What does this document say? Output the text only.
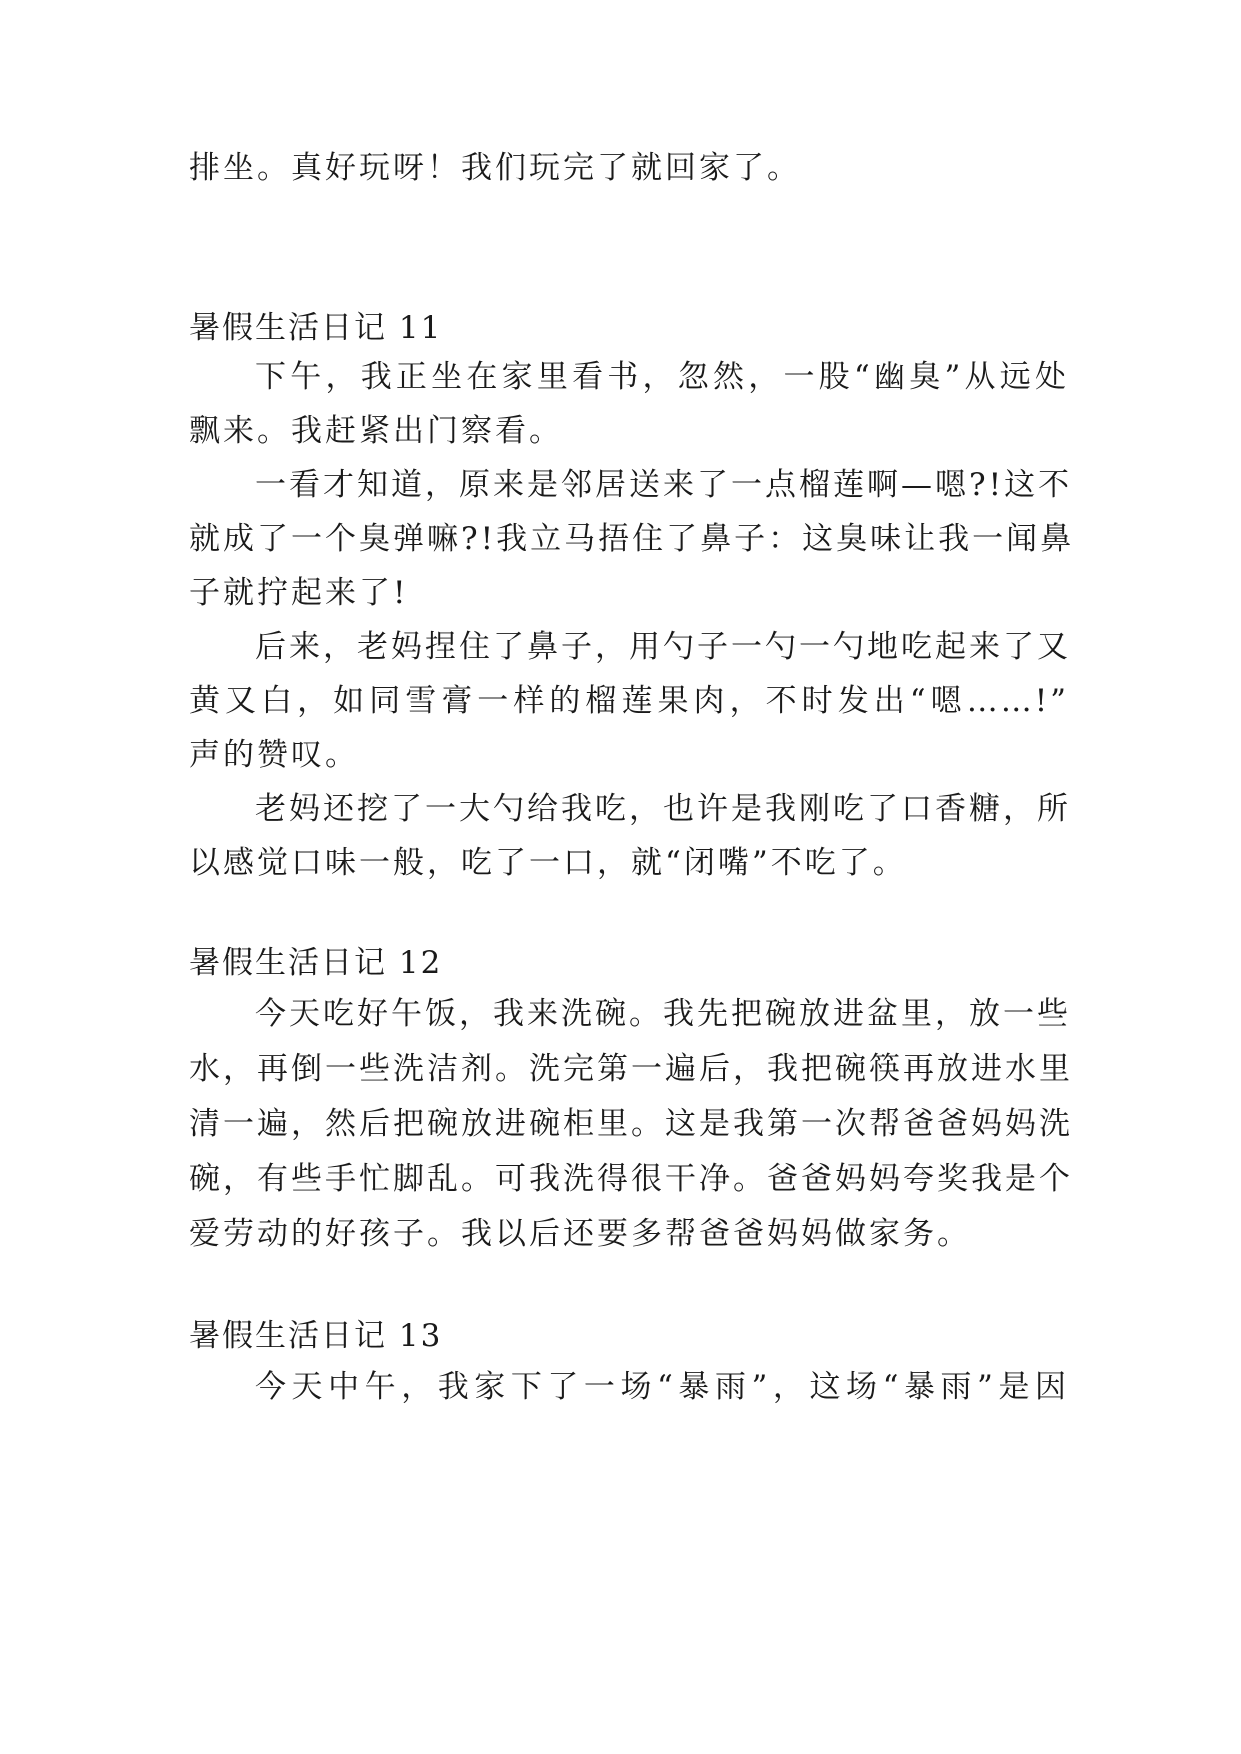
排坐。真好玩呀！我们玩完了就回家了。
暑假生活日记 11
下午，我正坐在家里看书，忽然，一股“幽臭”从远处
飘来。我赶紧出门察看。
一看才知道，原来是邻居送来了一点榴莲啊—嗯?!这不
就成了一个臭弹嘛?!我立马捂住了鼻子：这臭味让我一闻鼻
子就拧起来了!
后来，老妈捏住了鼻子，用勺子一勺一勺地吃起来了又
黄又白，如同雪膏一样的榴莲果肉，不时发出“嗯……!”
声的赞叹。
老妈还挖了一大勺给我吃，也许是我刚吃了口香糖，所
以感觉口味一般，吃了一口，就“闭嘴”不吃了。
暑假生活日记 12
今天吃好午饭，我来洗碗。我先把碗放进盆里，放一些
水，再倒一些洗洁剂。洗完第一遍后，我把碗筷再放进水里
清一遍，然后把碗放进碗柜里。这是我第一次帮爸爸妈妈洗
碗，有些手忙脚乱。可我洗得很干净。爸爸妈妈夸奖我是个
爱劳动的好孩子。我以后还要多帮爸爸妈妈做家务。
暑假生活日记 13
今天中午，我家下了一场“暴雨”，这场“暴雨”是因
